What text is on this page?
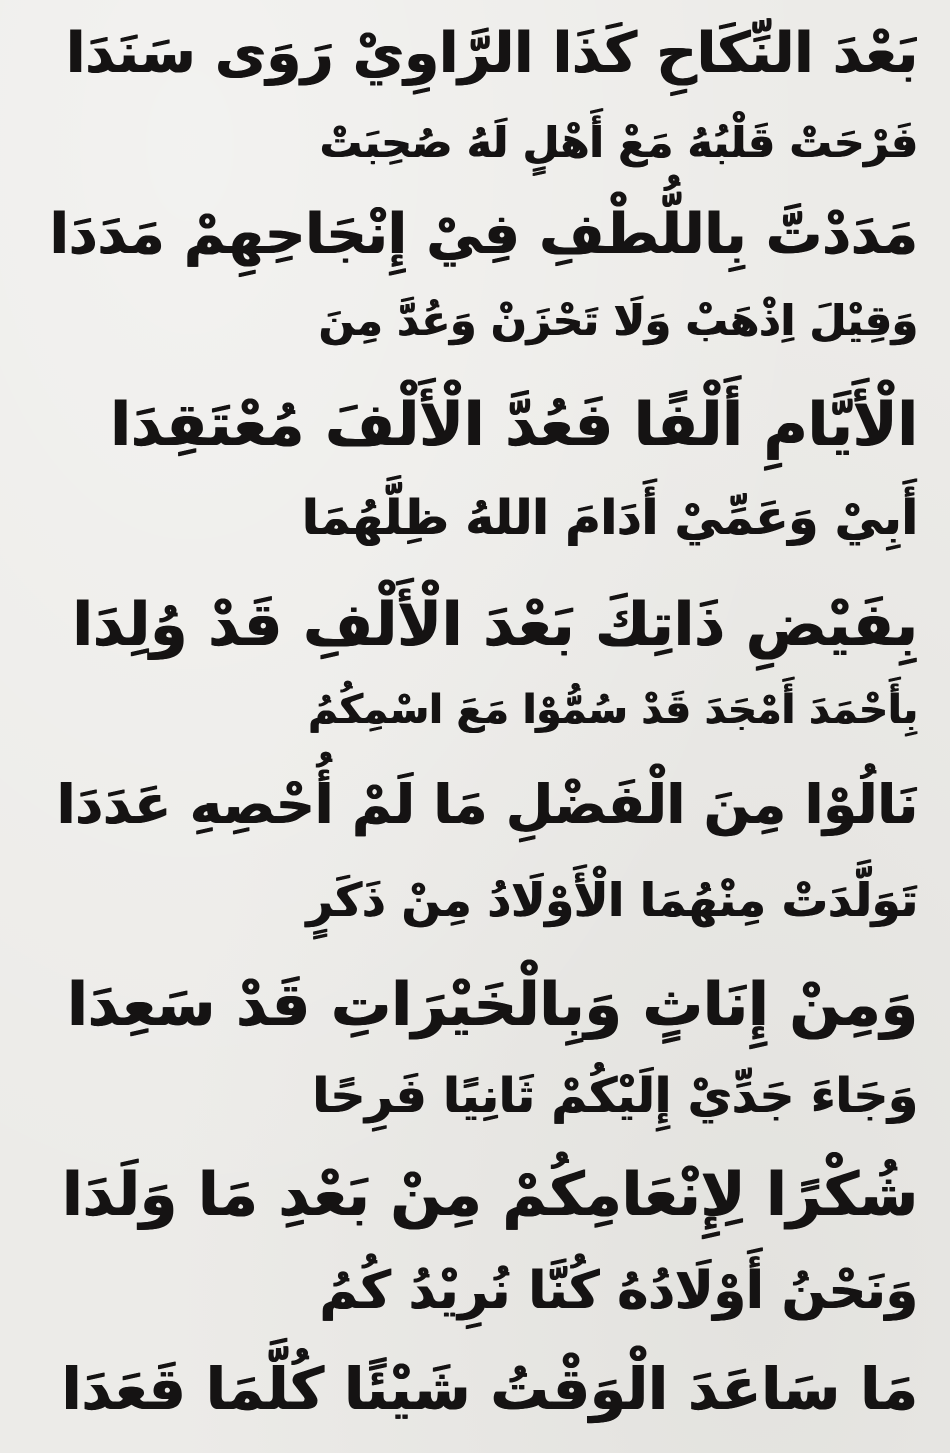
بَعْدَ النِّكَاحِ كَذَا الرَّاوِيْ رَوَى سَنَدَا

فَرْحَتْ قَلْبُهُ مَعْ أَهْلٍ لَهُ صُحِبَتْ

مَدَدْتَّ بِاللُّطْفِ فِيْ إِنْجَاحِهِمْ مَدَدَا

وَقِيْلَ اِذْهَبْ وَلَا تَحْزَنْ وَعُدَّ مِنَ

الْأَيَّامِ أَلْفًا فَعُدَّ الْأَلْفَ مُعْتَقِدَا

أَبِيْ وَعَمِّيْ أَدَامَ اللهُ ظِلَّهُمَا

بِفَيْضِ ذَاتِكَ بَعْدَ الْأَلْفِ قَدْ وُلِدَا

بِأَحْمَدَ أَمْجَدَ قَدْ سُمُّوْا مَعَ اسْمِكُمُ

نَالُوْا مِنَ الْفَضْلِ مَا لَمْ أُحْصِهِ عَدَدَا

تَوَلَّدَتْ مِنْهُمَا الْأَوْلَادُ مِنْ ذَكَرٍ

وَمِنْ إِنَاثٍ وَبِالْخَيْرَاتِ قَدْ سَعِدَا

وَجَاءَ جَدِّيْ إِلَيْكُمْ ثَانِيًا فَرِحًا

شُكْرًا لِإِنْعَامِكُمْ مِنْ بَعْدِ مَا وَلَدَا

وَنَحْنُ أَوْلَادُهُ كُنَّا نُرِيْدُ كُمُ

مَا سَاعَدَ الْوَقْتُ شَيْئًا كُلَّمَا قَعَدَا
